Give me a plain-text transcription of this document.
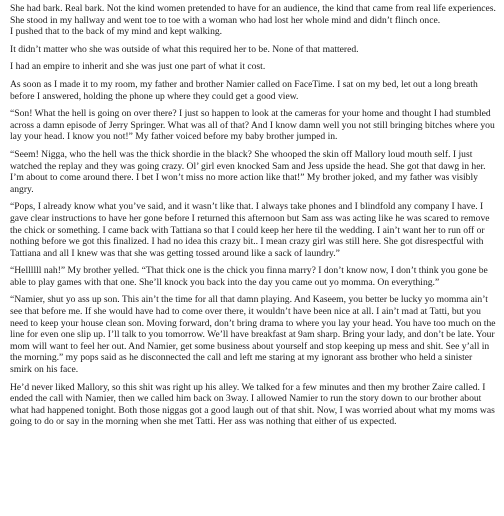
She had bark. Real bark. Not the kind women pretended to have for an audience, the kind that came from real life experiences. She stood in my hallway and went toe to toe with a woman who had lost her whole mind and didn’t flinch once.

I pushed that to the back of my mind and kept walking.

It didn’t matter who she was outside of what this required her to be. None of that mattered.

I had an empire to inherit and she was just one part of what it cost.

As soon as I made it to my room, my father and brother Namier called on FaceTime. I sat on my bed, let out a long breath before I answered, holding the phone up where they could get a good view.

“Son! What the hell is going on over there? I just so happen to look at the cameras for your home and thought I had stumbled across a damn episode of Jerry Springer. What was all of that? And I know damn well you not still bringing bitches where you lay your head. I know you not!” My father voiced before my baby brother jumped in.

“Seem! Nigga, who the hell was the thick shordie in the black? She whooped the skin off Mallory loud mouth self. I just watched the replay and they was going crazy. Ol’ girl even knocked Sam and Jess upside the head. She got that dawg in her. I’m about to come around there. I bet I won’t miss no more action like that!” My brother joked, and my father was visibly angry.

“Pops, I already know what you’ve said, and it wasn’t like that. I always take phones and I blindfold any company I have. I gave clear instructions to have her gone before I returned this afternoon but Sam ass was acting like he was scared to remove the chick or something. I came back with Tattiana so that I could keep her here til the wedding. I ain’t want her to run off or nothing before we got this finalized. I had no idea this crazy bit.. I mean crazy girl was still here. She got disrespectful with Tattiana and all I knew was that she was getting tossed around like a sack of laundry.”

“Hellllll nah!” My brother yelled. “That thick one is the chick you finna marry? I don’t know now, I don’t think you gone be able to play games with that one. She’ll knock you back into the day you came out yo momma. On everything.”

“Namier, shut yo ass up son. This ain’t the time for all that damn playing. And Kaseem, you better be lucky yo momma ain’t see that before me. If she would have had to come over there, it wouldn’t have been nice at all. I ain’t mad at Tatti, but you need to keep your house clean son. Moving forward, don’t bring drama to where you lay your head. You have too much on the line for even one slip up. I’ll talk to you tomorrow. We’ll have breakfast at 9am sharp. Bring your lady, and don’t be late. Your mom will want to feel her out. And Namier, get some business about yourself and stop keeping up mess and shit. See y’all in the morning.” my pops said as he disconnected the call and left me staring at my ignorant ass brother who held a sinister smirk on his face.

He’d never liked Mallory, so this shit was right up his alley. We talked for a few minutes and then my brother Zaire called. I ended the call with Namier, then we called him back on 3way. I allowed Namier to run the story down to our brother about what had happened tonight. Both those niggas got a good laugh out of that shit. Now, I was worried about what my moms was going to do or say in the morning when she met Tatti. Her ass was nothing that either of us expected.
